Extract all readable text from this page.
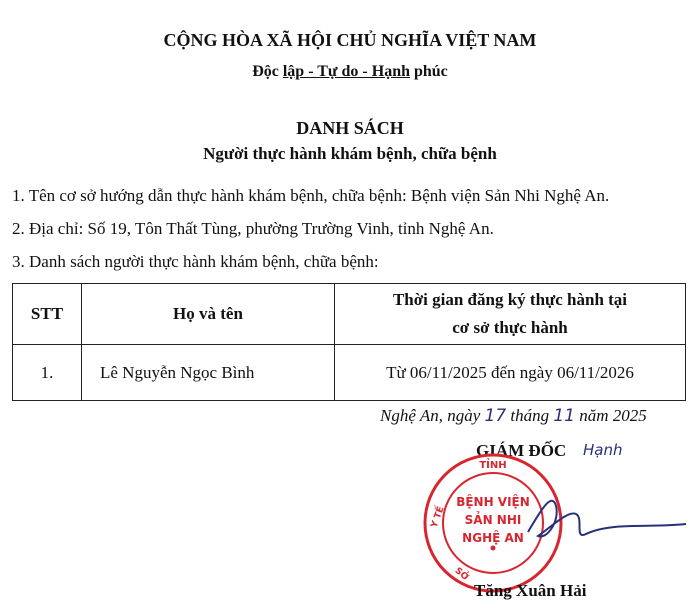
CỘNG HÒA XÃ HỘI CHỦ NGHĨA VIỆT NAM
Độc lập - Tự do - Hạnh phúc
DANH SÁCH
Người thực hành khám bệnh, chữa bệnh
1. Tên cơ sở hướng dẫn thực hành khám bệnh, chữa bệnh: Bệnh viện Sản Nhi Nghệ An.
2. Địa chỉ: Số 19, Tôn Thất Tùng, phường Trường Vinh, tỉnh Nghệ An.
3. Danh sách người thực hành khám bệnh, chữa bệnh:
STT	Họ và tên	Thời gian đăng ký thực hành tại
cơ sở thực hành

1.	Lê Nguyễn Ngọc Bình	Từ 06/11/2025 đến ngày 06/11/2026
Nghệ An, ngày 17 tháng 11 năm 2025
GIÁM ĐỐC Hạnh
TỈNH
BỆNH VIỆN
SẢN NHI
NGHỆ AN
Y TẾ
SỞ
Tăng Xuân Hải
